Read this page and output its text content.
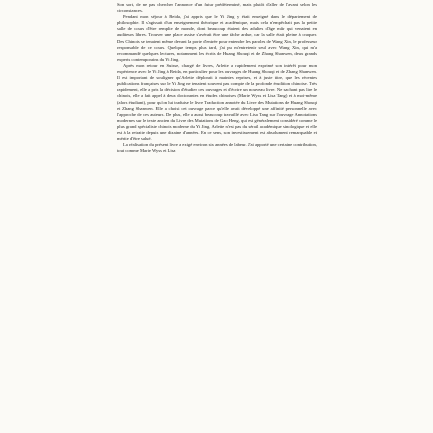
Son sort, de ne pas chercher l'annonce d'un futur prédéterminé, mais plutôt d'aller de l'avant selon les circonstances.

Pendant mon séjour à Beida, j'ai appris que le Yi Jing y était enseigné dans le département de philosophie. Il s'agissait d'un enseignement théorique et académique, mais cela n'empêchait pas la petite salle de cours d'être remplie de monde, dont beaucoup étaient des adultes d'âge mûr qui venaient en auditeurs libres. Trouver une place assise s'avérait être une tâche ardue, car la salle était pleine à craquer. Des Chinois se tenaient même devant la porte d'entrée pour entendre les paroles de Wang Xin, le professeur responsable de ce cours. Quelque temps plus tard, j'ai pu m'entretenir seul avec Wang Xin, qui m'a recommandé quelques lectures, notamment les écrits de Huang Shouqi et de Zhang Shanwen, deux grands experts contemporains du Yi Jing.

Après mon retour en Suisse, chargé de livres, Arlette a rapidement exprimé son intérêt pour mon expérience avec le Yi Jing à Beida, en particulier pour les ouvrages de Huang Shouqi et de Zhang Shanwen. Il est important de souligner qu'Arlette déplorait à maintes reprises, et à juste titre, que les récentes publications françaises sur le Yi Jing ne tenaient souvent pas compte de la profonde érudition chinoise. Très rapidement, elle a pris la décision d'étudier ces ouvrages et d'écrire un nouveau livre. Ne sachant pas lire le chinois, elle a fait appel à deux doctorantes en études chinoises (Marie Wyss et Lisa Tang) et à moi-même (alors étudiant), pour qu'on lui traduise le livre Traduction annotée du Livre des Mutations de Huang Shouqi et Zhang Shanwen. Elle a choisi cet ouvrage parce qu'elle avait développé une affinité personnelle avec l'approche de ces auteurs. De plus, elle a aussi beaucoup travaillé avec Lisa Tang sur l'ouvrage Annotations modernes sur le texte ancien du Livre des Mutations de Gao Heng, qui est généralement considéré comme le plus grand spécialiste chinois moderne du Yi Jing. Arlette n'est pas du sérail académique sinologique et elle est à la retraite depuis une dizaine d'années. En ce sens, son investissement est absolument remarquable et mérite d'être salué.

La réalisation du présent livre a exigé environ six années de labeur. J'ai apporté une certaine contribution, tout comme Marie Wyss et Lisa
